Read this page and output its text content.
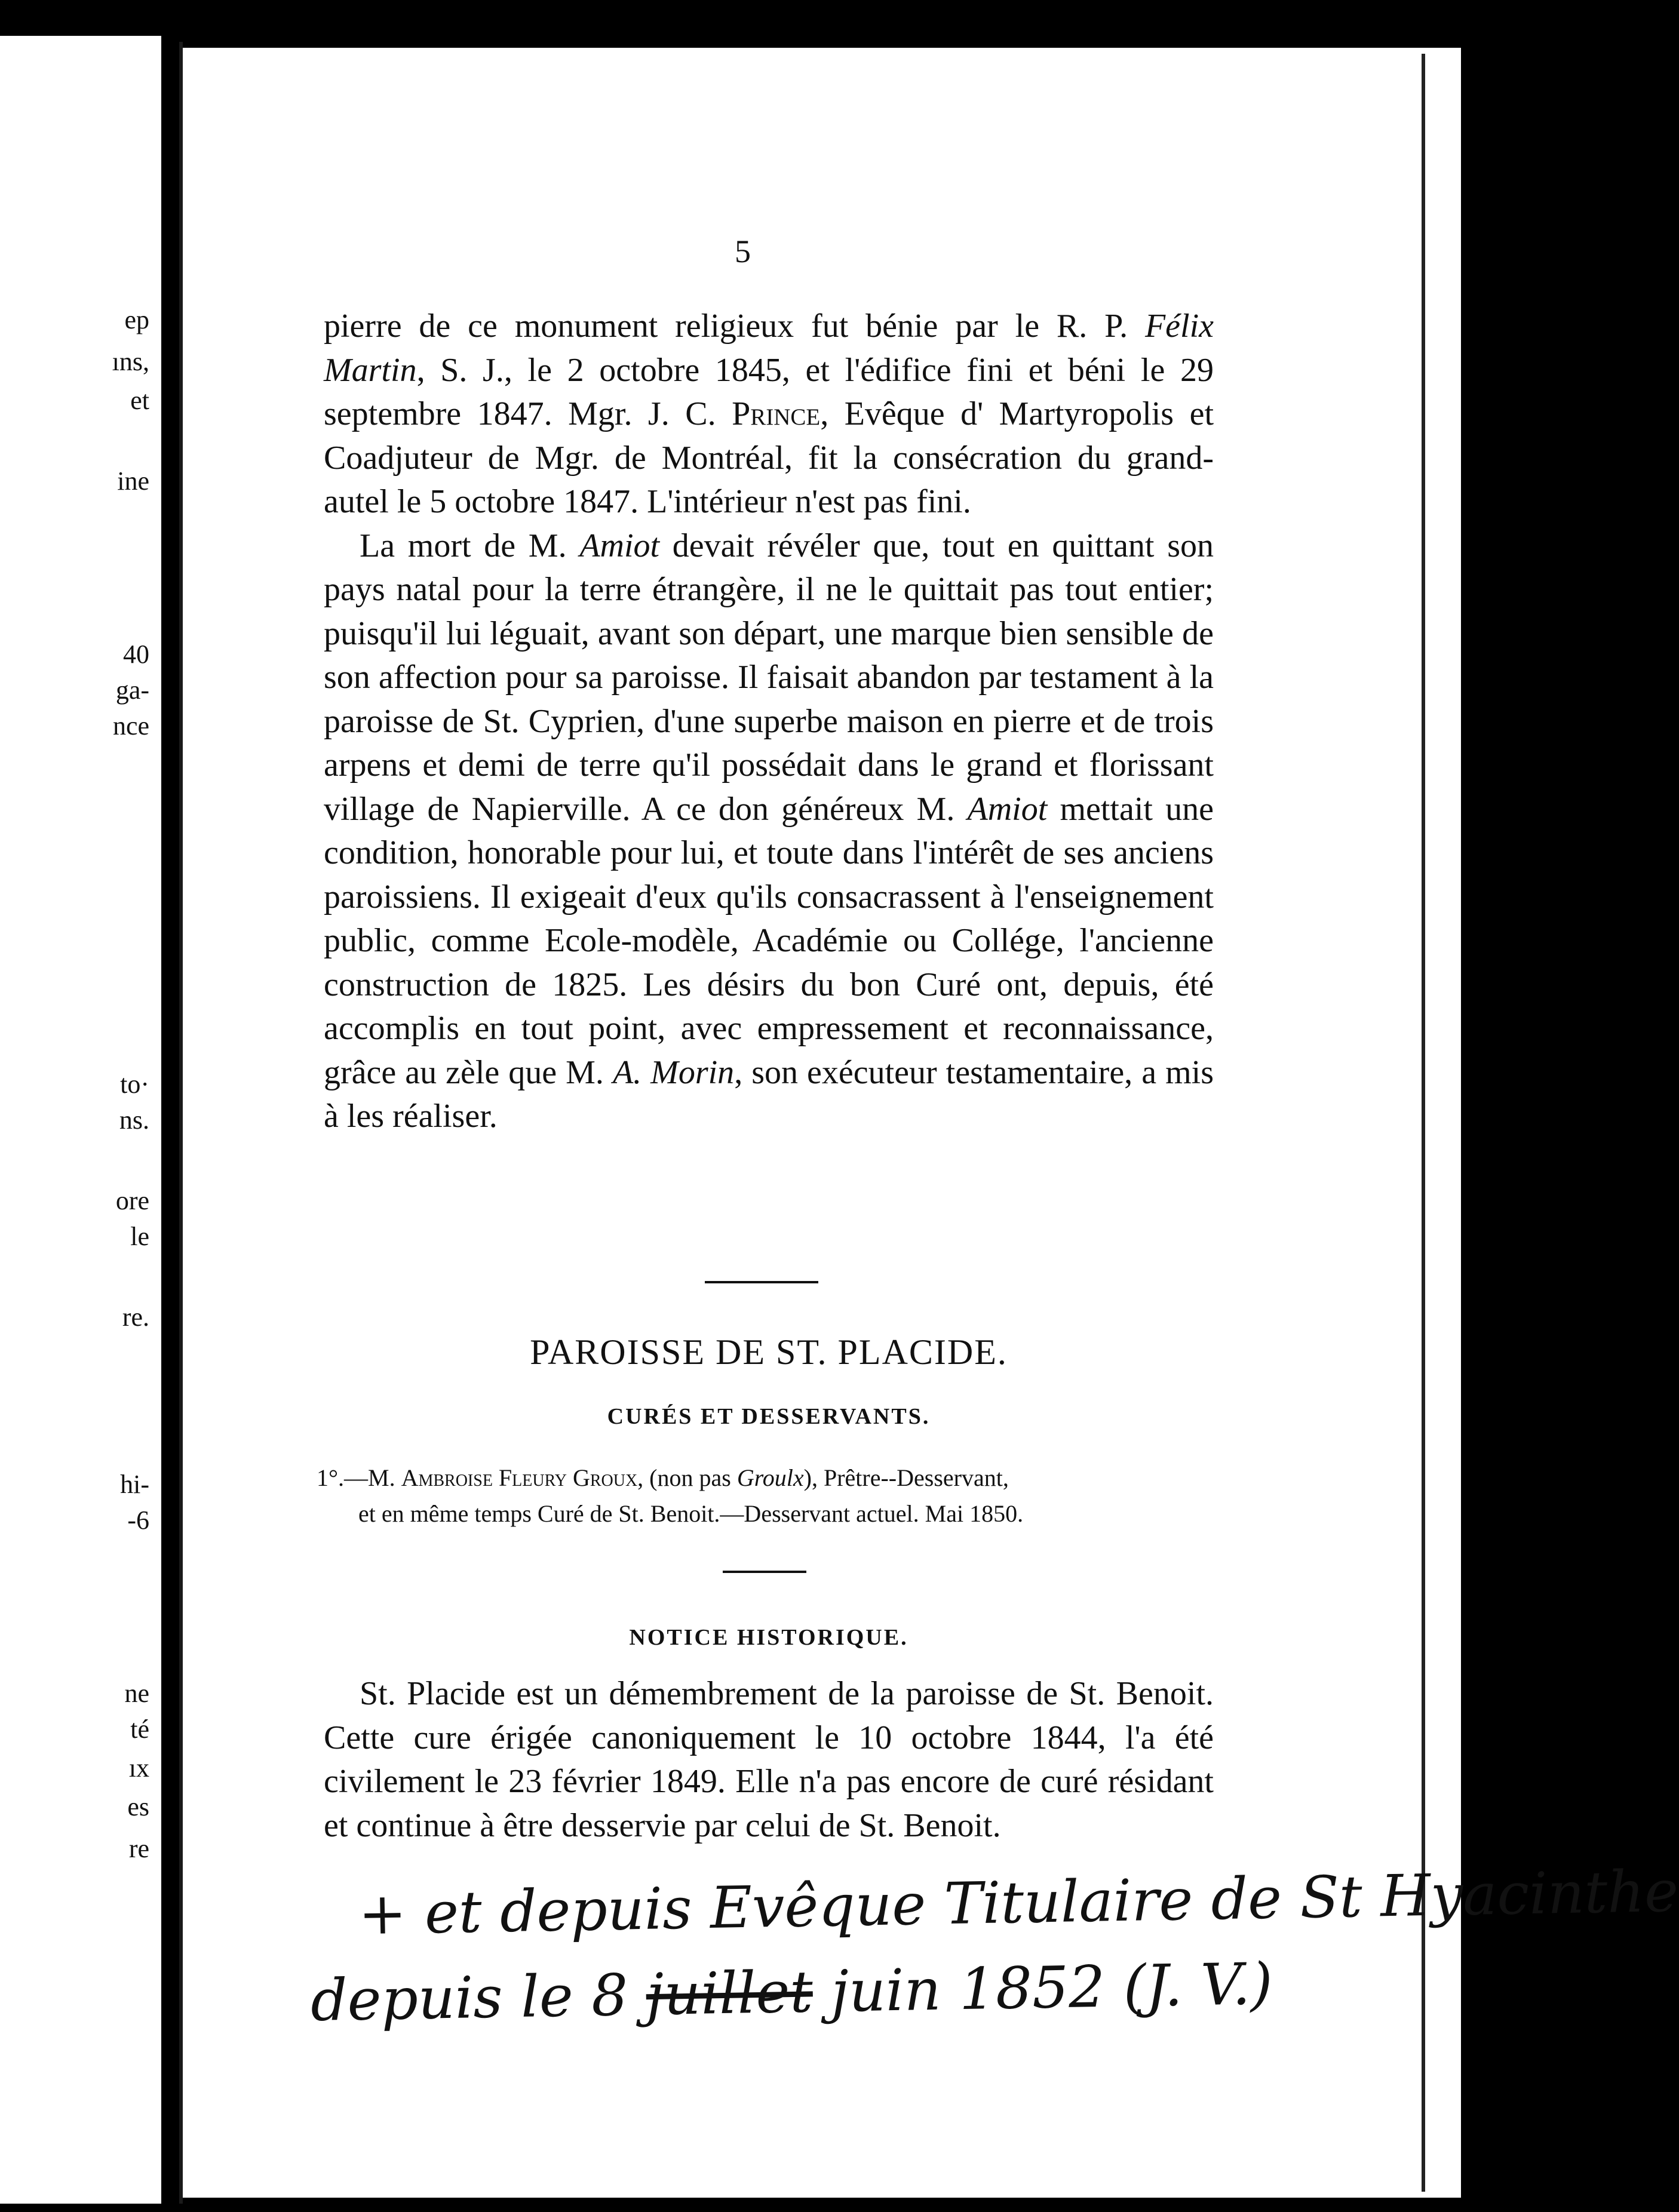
ep
ıns,
et
ine
40
ga-
nce
to·
ns.
ore
le
re.
hi-
-6
ne
té
ıx
es
re
5

pierre de ce monument religieux fut bénie par le R. P. Félix Martin, S. J., le 2 octobre 1845, et l'édifice fini et béni le 29 septembre 1847. Mgr. J. C. Prince, Evêque d' Martyropolis et Coadjuteur de Mgr. de Montréal, fit la consécration du grand-autel le 5 octobre 1847. L'intérieur n'est pas fini.

La mort de M. Amiot devait révéler que, tout en quittant son pays natal pour la terre étrangère, il ne le quittait pas tout entier; puisqu'il lui léguait, avant son départ, une marque bien sensible de son affection pour sa paroisse. Il faisait abandon par testament à la paroisse de St. Cyprien, d'une superbe maison en pierre et de trois arpens et demi de terre qu'il possédait dans le grand et florissant village de Napierville. A ce don généreux M. Amiot mettait une condition, honorable pour lui, et toute dans l'intérêt de ses anciens paroissiens. Il exigeait d'eux qu'ils consacrassent à l'enseignement public, comme Ecole-modèle, Académie ou Collége, l'ancienne construction de 1825. Les désirs du bon Curé ont, depuis, été accomplis en tout point, avec empressement et reconnaissance, grâce au zèle que M. A. Morin, son exécuteur testamentaire, a mis à les réaliser.

PAROISSE DE ST. PLACIDE.
CURÉS ET DESSERVANTS.
1°.—M. Ambroise Fleury Groux, (non pas Groulx), Prêtre--Desservant,
et en même temps Curé de St. Benoit.—Desservant actuel. Mai 1850.
NOTICE HISTORIQUE.
St. Placide est un démembrement de la paroisse de St. Benoit. Cette cure érigée canoniquement le 10 octobre 1844, l'a été civilement le 23 février 1849. Elle n'a pas encore de curé résidant et continue à être desservie par celui de St. Benoit.
+ et depuis Evêque Titulaire de St Hyacinthe
depuis le 8 juillet juin 1852 (J. V.)
